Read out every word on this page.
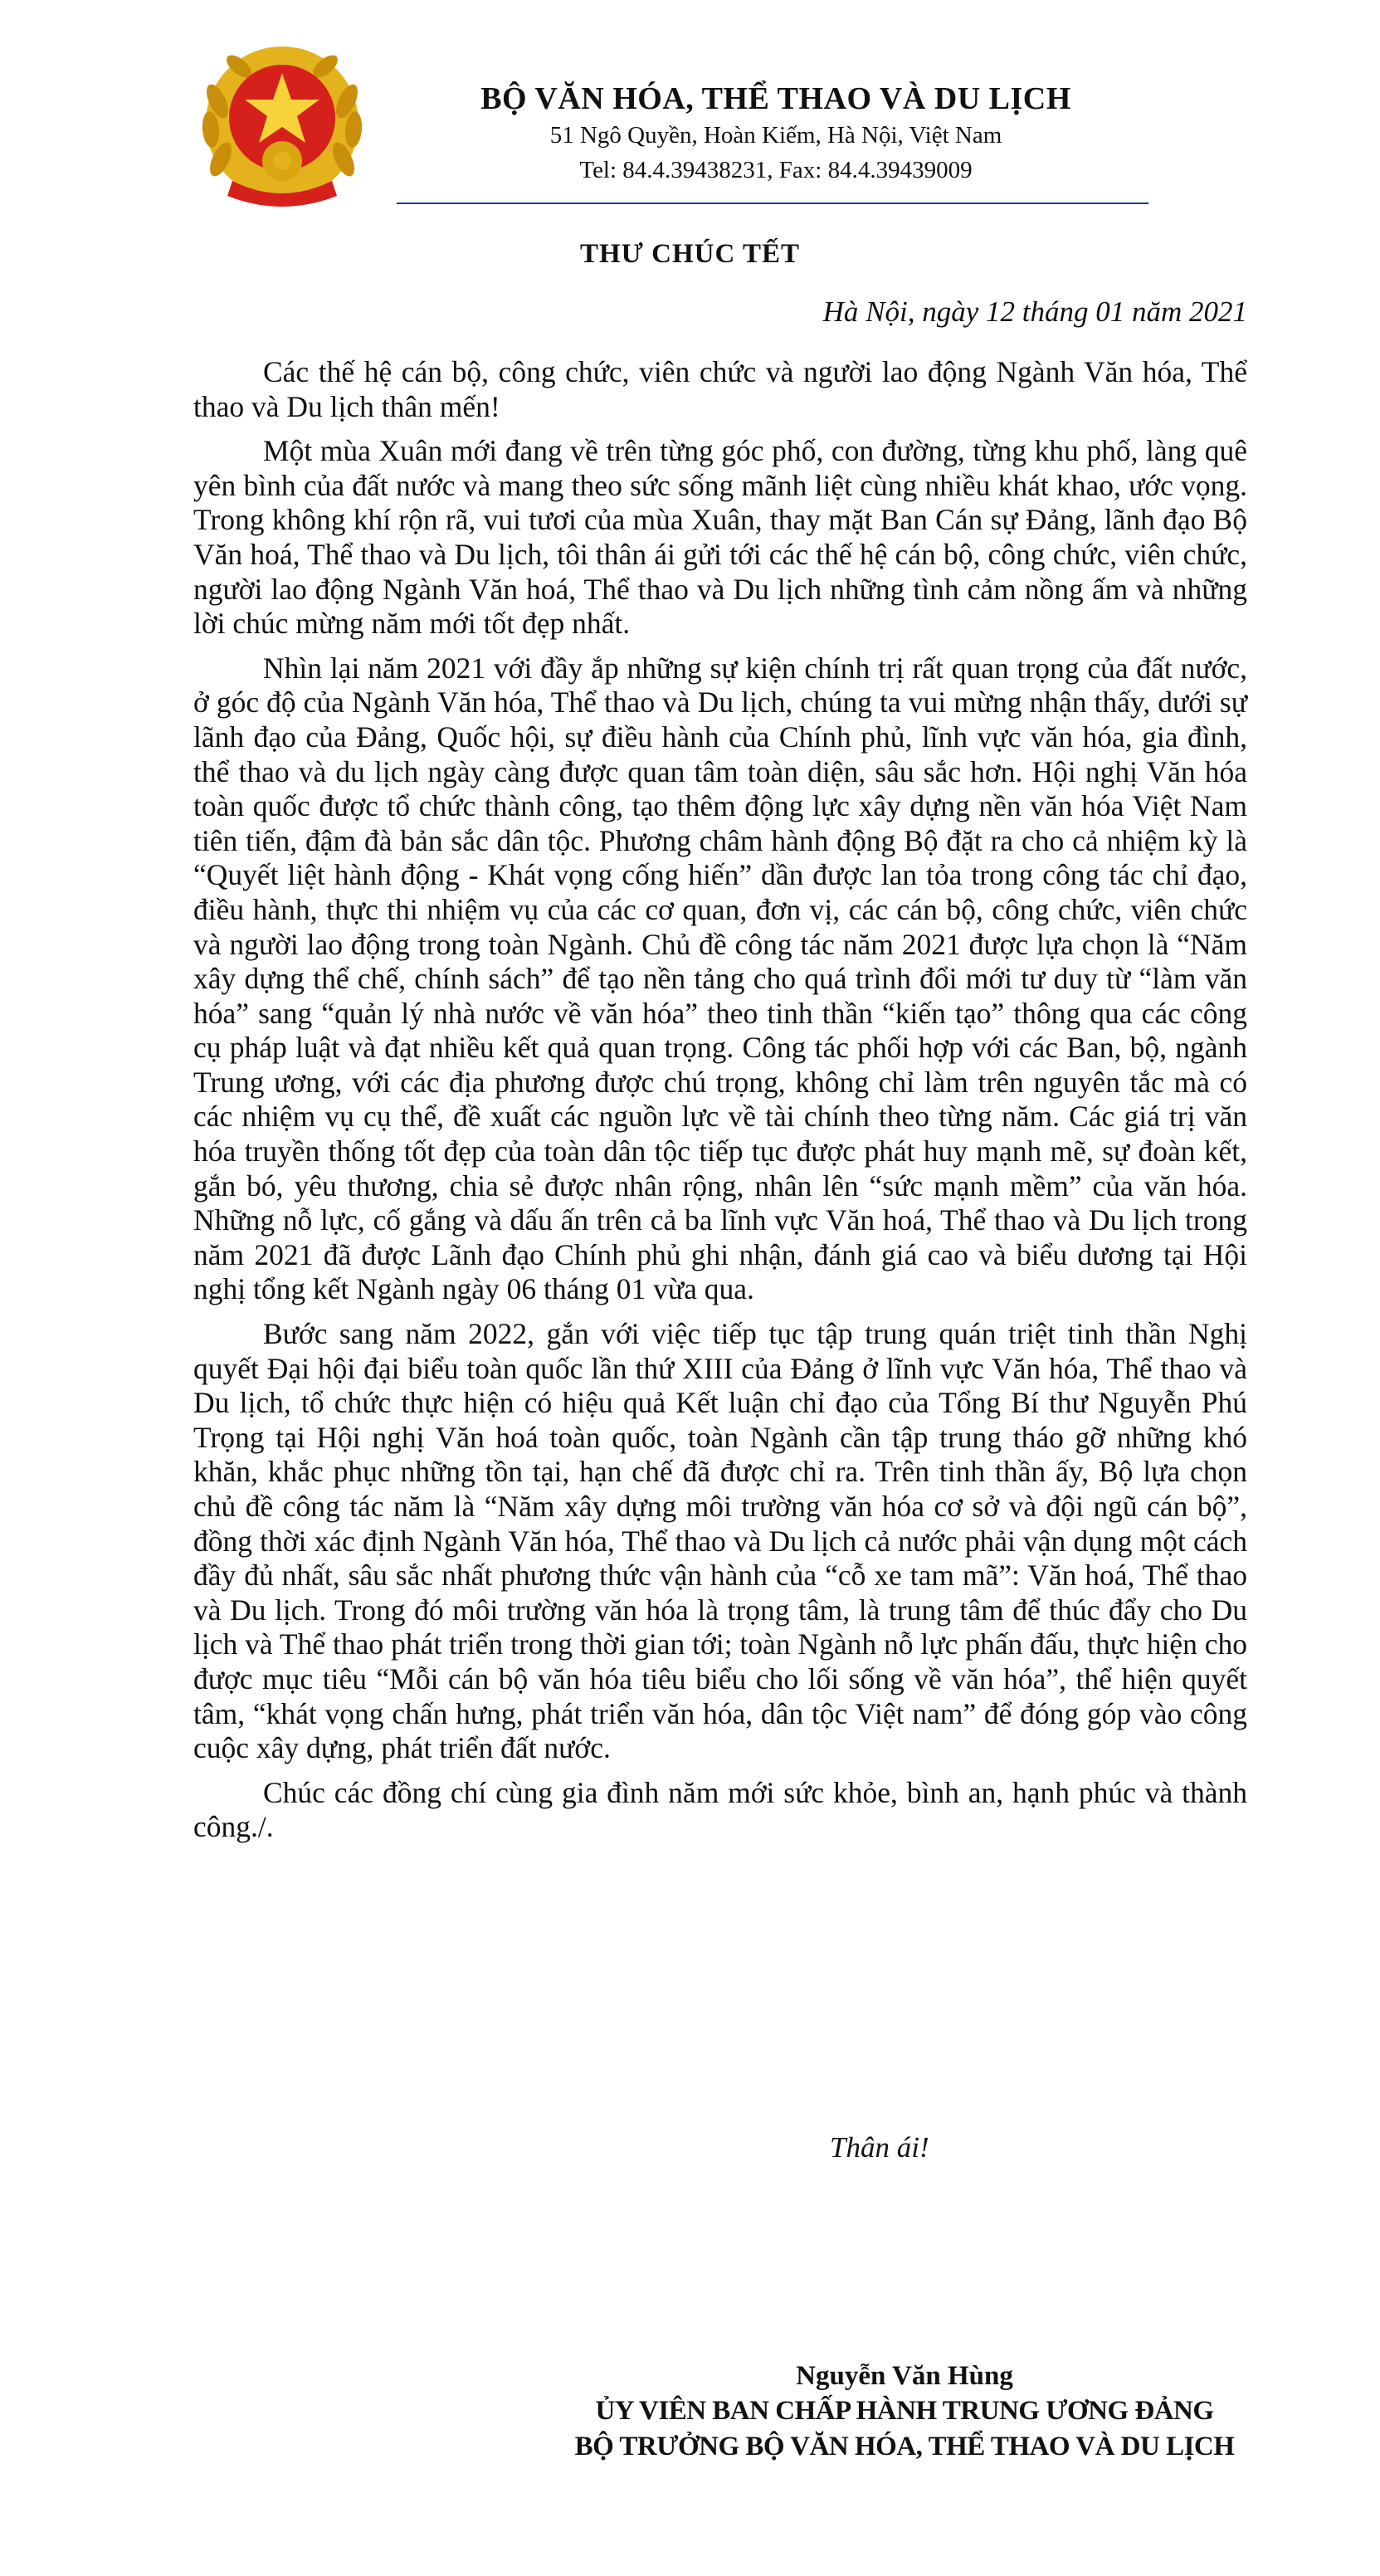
BỘ VĂN HÓA, THỂ THAO VÀ DU LỊCH
51 Ngô Quyền, Hoàn Kiếm, Hà Nội, Việt Nam
Tel: 84.4.39438231, Fax: 84.4.39439009
THƯ CHÚC TẾT
Hà Nội, ngày 12 tháng 01 năm 2021

Các thế hệ cán bộ, công chức, viên chức và người lao động Ngành Văn hóa, Thể thao và Du lịch thân mến!

Một mùa Xuân mới đang về trên từng góc phố, con đường, từng khu phố, làng quê yên bình của đất nước và mang theo sức sống mãnh liệt cùng nhiều khát khao, ước vọng. Trong không khí rộn rã, vui tươi của mùa Xuân, thay mặt Ban Cán sự Đảng, lãnh đạo Bộ Văn hoá, Thể thao và Du lịch, tôi thân ái gửi tới các thế hệ cán bộ, công chức, viên chức, người lao động Ngành Văn hoá, Thể thao và Du lịch những tình cảm nồng ấm và những lời chúc mừng năm mới tốt đẹp nhất.

Nhìn lại năm 2021 với đầy ắp những sự kiện chính trị rất quan trọng của đất nước, ở góc độ của Ngành Văn hóa, Thể thao và Du lịch, chúng ta vui mừng nhận thấy, dưới sự lãnh đạo của Đảng, Quốc hội, sự điều hành của Chính phủ, lĩnh vực văn hóa, gia đình, thể thao và du lịch ngày càng được quan tâm toàn diện, sâu sắc hơn. Hội nghị Văn hóa toàn quốc được tổ chức thành công, tạo thêm động lực xây dựng nền văn hóa Việt Nam tiên tiến, đậm đà bản sắc dân tộc. Phương châm hành động Bộ đặt ra cho cả nhiệm kỳ là “Quyết liệt hành động - Khát vọng cống hiến” dần được lan tỏa trong công tác chỉ đạo, điều hành, thực thi nhiệm vụ của các cơ quan, đơn vị, các cán bộ, công chức, viên chức và người lao động trong toàn Ngành. Chủ đề công tác năm 2021 được lựa chọn là “Năm xây dựng thể chế, chính sách” để tạo nền tảng cho quá trình đổi mới tư duy từ “làm văn hóa” sang “quản lý nhà nước về văn hóa” theo tinh thần “kiến tạo” thông qua các công cụ pháp luật và đạt nhiều kết quả quan trọng. Công tác phối hợp với các Ban, bộ, ngành Trung ương, với các địa phương được chú trọng, không chỉ làm trên nguyên tắc mà có các nhiệm vụ cụ thể, đề xuất các nguồn lực về tài chính theo từng năm. Các giá trị văn hóa truyền thống tốt đẹp của toàn dân tộc tiếp tục được phát huy mạnh mẽ, sự đoàn kết, gắn bó, yêu thương, chia sẻ được nhân rộng, nhân lên “sức mạnh mềm” của văn hóa. Những nỗ lực, cố gắng và dấu ấn trên cả ba lĩnh vực Văn hoá, Thể thao và Du lịch trong năm 2021 đã được Lãnh đạo Chính phủ ghi nhận, đánh giá cao và biểu dương tại Hội nghị tổng kết Ngành ngày 06 tháng 01 vừa qua.

Bước sang năm 2022, gắn với việc tiếp tục tập trung quán triệt tinh thần Nghị quyết Đại hội đại biểu toàn quốc lần thứ XIII của Đảng ở lĩnh vực Văn hóa, Thể thao và Du lịch, tổ chức thực hiện có hiệu quả Kết luận chỉ đạo của Tổng Bí thư Nguyễn Phú Trọng tại Hội nghị Văn hoá toàn quốc, toàn Ngành cần tập trung tháo gỡ những khó khăn, khắc phục những tồn tại, hạn chế đã được chỉ ra. Trên tinh thần ấy, Bộ lựa chọn chủ đề công tác năm là “Năm xây dựng môi trường văn hóa cơ sở và đội ngũ cán bộ”, đồng thời xác định Ngành Văn hóa, Thể thao và Du lịch cả nước phải vận dụng một cách đầy đủ nhất, sâu sắc nhất phương thức vận hành của “cỗ xe tam mã”: Văn hoá, Thể thao và Du lịch. Trong đó môi trường văn hóa là trọng tâm, là trung tâm để thúc đẩy cho Du lịch và Thể thao phát triển trong thời gian tới; toàn Ngành nỗ lực phấn đấu, thực hiện cho được mục tiêu “Mỗi cán bộ văn hóa tiêu biểu cho lối sống về văn hóa”, thể hiện quyết tâm, “khát vọng chấn hưng, phát triển văn hóa, dân tộc Việt nam” để đóng góp vào công cuộc xây dựng, phát triển đất nước.

Chúc các đồng chí cùng gia đình năm mới sức khỏe, bình an, hạnh phúc và thành công./.

Thân ái!
Nguyễn Văn Hùng
ỦY VIÊN BAN CHẤP HÀNH TRUNG ƯƠNG ĐẢNG
BỘ TRƯỞNG BỘ VĂN HÓA, THỂ THAO VÀ DU LỊCH
